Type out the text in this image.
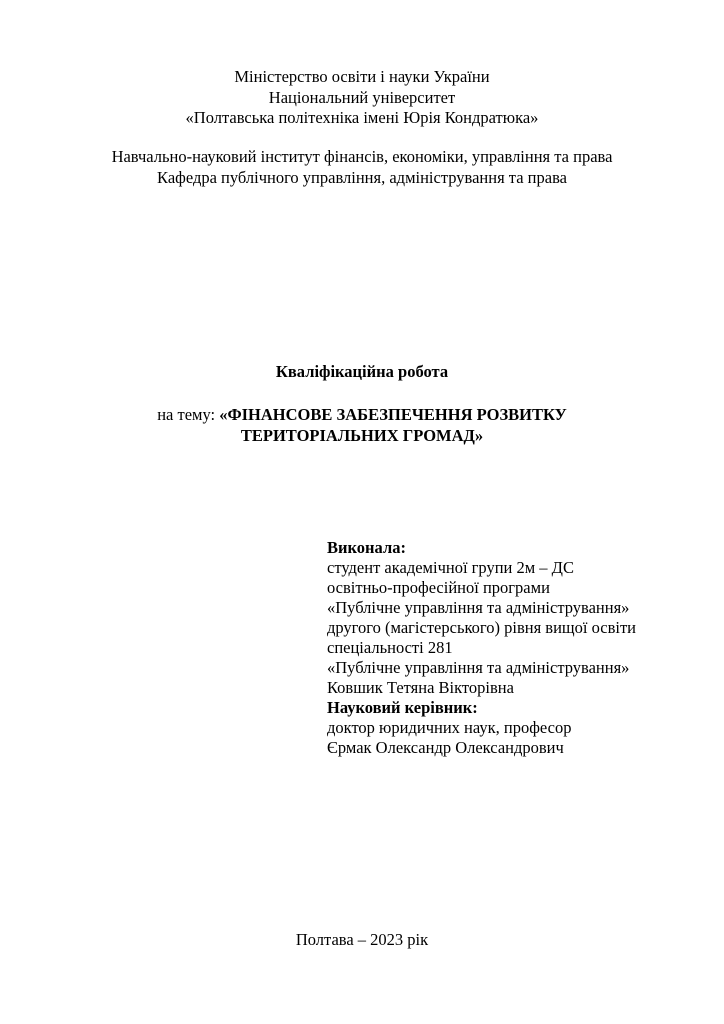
Міністерство освіти і науки України
Національний університет
«Полтавська політехніка імені Юрія Кондратюка»
Навчально-науковий інститут фінансів, економіки, управління та права
Кафедра публічного управління, адміністрування та права
Кваліфікаційна робота
на тему: «ФІНАНСОВЕ ЗАБЕЗПЕЧЕННЯ РОЗВИТКУ
ТЕРИТОРІАЛЬНИХ ГРОМАД»
Виконала:
студент академічної групи 2м – ДС
освітньо-професійної програми
«Публічне управління та адміністрування»
другого (магістерського) рівня вищої освіти
спеціальності 281
«Публічне управління та адміністрування»
Ковшик Тетяна Вікторівна
Науковий керівник:
доктор юридичних наук, професор
Єрмак Олександр Олександрович
Полтава – 2023 рік
